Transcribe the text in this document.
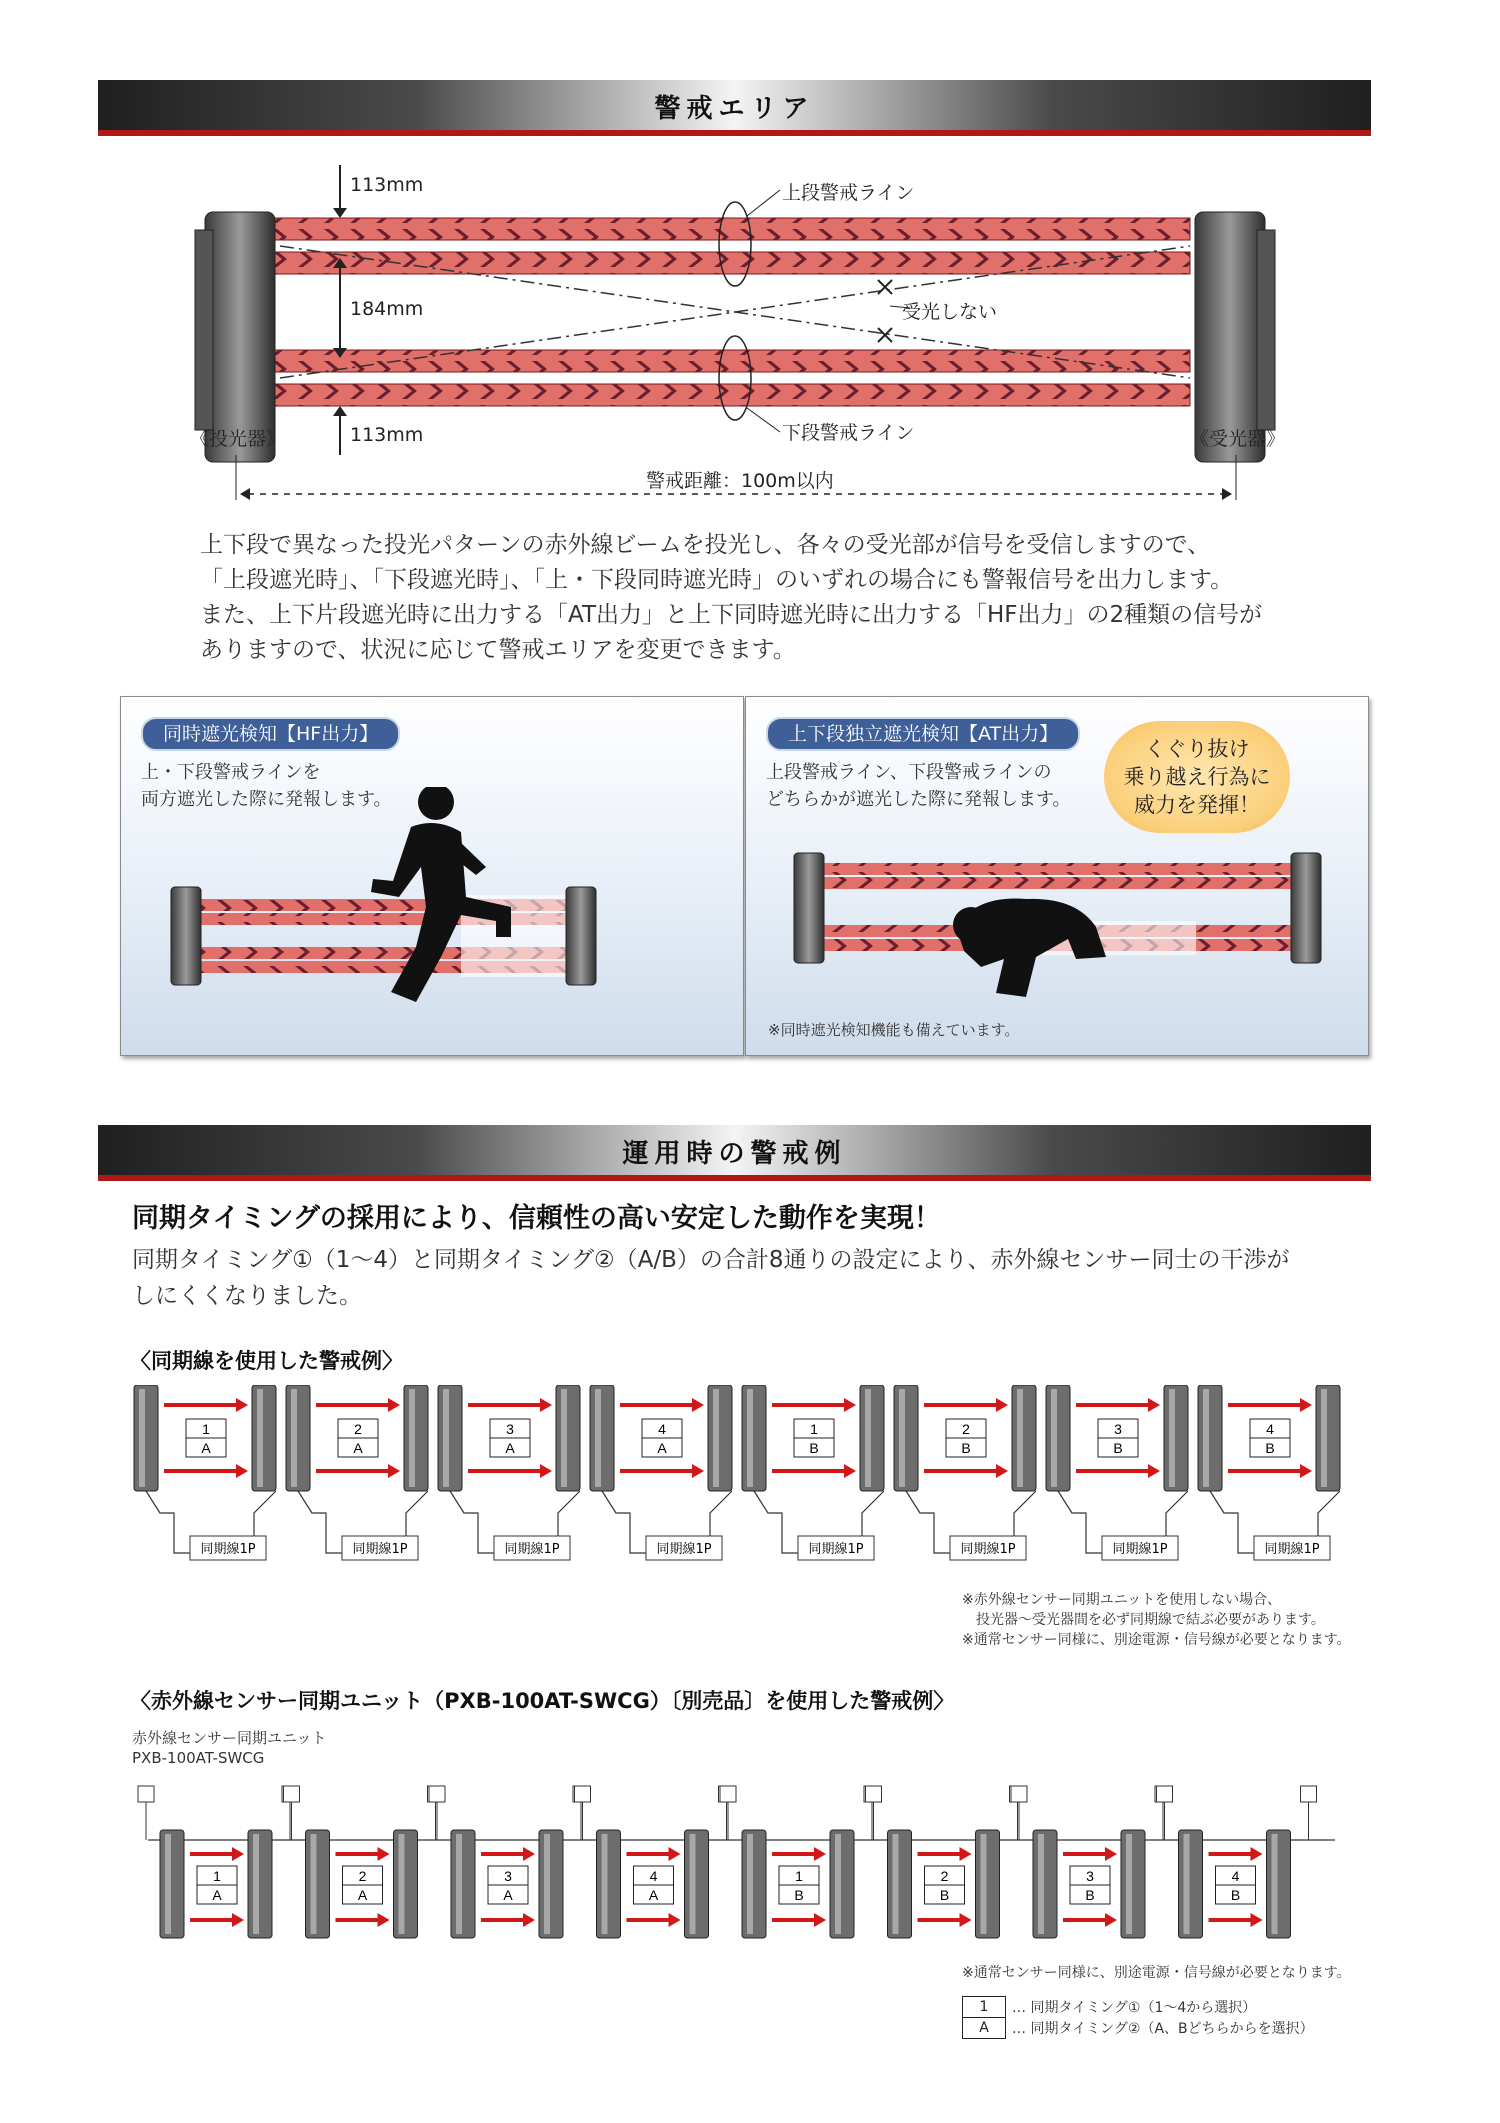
警戒エリア
113mm
184mm
113mm
上段警戒ライン
下段警戒ライン
受光しない
《投光器》	《受光器》
警戒距離：100m以内
上下段で異なった投光パターンの赤外線ビームを投光し、各々の受光部が信号を受信しますので、
「上段遮光時」、「下段遮光時」、「上・下段同時遮光時」のいずれの場合にも警報信号を出力します。
また、上下片段遮光時に出力する「AT出力」と上下同時遮光時に出力する「HF出力」の2種類の信号が
ありますので、状況に応じて警戒エリアを変更できます。
同時遮光検知【HF出力】
上・下段警戒ラインを
両方遮光した際に発報します。
上下段独立遮光検知【AT出力】
上段警戒ライン、下段警戒ラインの
どちらかが遮光した際に発報します。
くぐり抜け
乗り越え行為に
威力を発揮！
※同時遮光検知機能も備えています。
運用時の警戒例
同期タイミングの採用により、信頼性の高い安定した動作を実現！
同期タイミング①（1〜4）と同期タイミング②（A/B）の合計8通りの設定により、赤外線センサー同士の干渉が
しにくくなりました。
〈同期線を使用した警戒例〉
1
A
同期線1P
2
A
同期線1P
3
A
同期線1P
4
A
同期線1P
1
B
同期線1P
2
B
同期線1P
3
B
同期線1P
4
B
同期線1P
※赤外線センサー同期ユニットを使用しない場合、
　投光器〜受光器間を必ず同期線で結ぶ必要があります。
※通常センサー同様に、別途電源・信号線が必要となります。
〈赤外線センサー同期ユニット（PXB-100AT-SWCG）〔別売品〕を使用した警戒例〉
赤外線センサー同期ユニット
PXB-100AT-SWCG
1
A
2
A
3
A
4
A
1
B
2
B
3
B
4
B
※通常センサー同様に、別途電源・信号線が必要となります。
1	… 同期タイミング①（1〜4から選択）
A	… 同期タイミング②（A、Bどちらからを選択）
